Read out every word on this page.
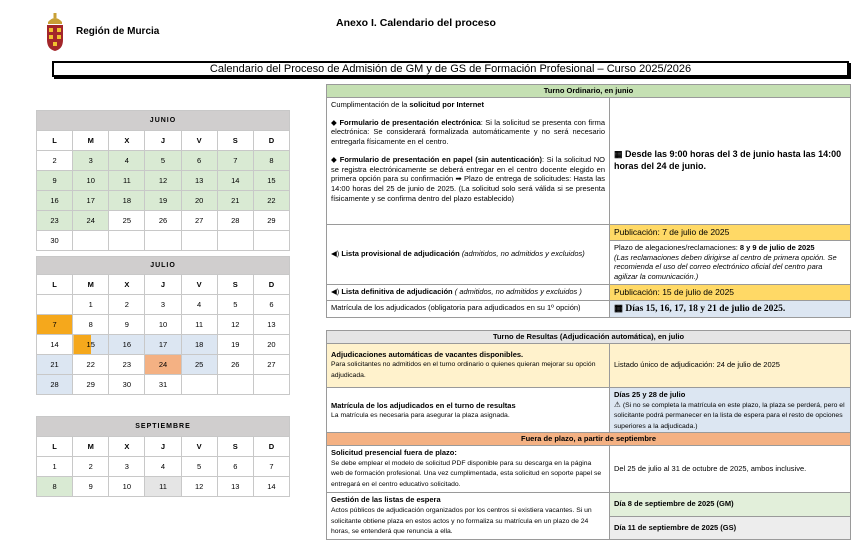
Región de Murcia
Anexo I. Calendario del proceso
Calendario del Proceso de Admisión de GM y de GS de Formación Profesional – Curso 2025/2026
JUNIO						
L	M	X	J	V	S	D
2	3	4	5	6	7	8
9	10	11	12	13	14	15
16	17	18	19	20	21	22
23	24	25	26	27	28	29
30						
JULIO						
L	M	X	J	V	S	D
	1	2	3	4	5	6
7	8	9	10	11	12	13
14	15	16	17	18	19	20
21	22	23	24	25	26	27
28	29	30	31			
SEPTIEMBRE						
L	M	X	J	V	S	D
1	2	3	4	5	6	7
8	9	10	11	12	13	14
Turno Ordinario, en junio	

Cumplimentación de la solicitud por Internet
◆ Formulario de presentación electrónica: Si la solicitud se presenta con firma electrónica: Se considerará formalizada automáticamente y no será necesario entregarla físicamente en el centro.
◆ Formulario de presentación en papel (sin autenticación): Si la solicitud NO se registra electrónicamente se deberá entregar en el centro docente elegido en primera opción para su confirmación ➡ Plazo de entrega de solicitudes: Hasta las 14:00 horas del 25 de junio de 2025. (La solicitud solo será válida si se presenta físicamente y se confirma dentro del plazo establecido)	▦ Desde las 9:00 horas del 3 de junio hasta las 14:00 horas del 24 de junio.
◀) Lista provisional de adjudicación (admitidos, no admitidos y excluidos)	Publicación: 7 de julio de 2025
	Plazo de alegaciones/reclamaciones: 8 y 9 de julio de 2025
(Las reclamaciones deben dirigirse al centro de primera opción. Se recomienda el uso del correo electrónico oficial del centro para agilizar la comunicación.)
◀) Lista definitiva de adjudicación ( admitidos, no admitidos y excluidos )	Publicación: 15 de julio de 2025
Matrícula de los adjudicados (obligatoria para adjudicados en su 1º opción)	▦ Días 15, 16, 17, 18 y 21 de julio de 2025.
Turno de Resultas (Adjudicación automática), en julio	
Adjudicaciones automáticas de vacantes disponibles.
Para solicitantes no admitidos en el turno ordinario o quienes quieran mejorar su opción adjudicada.	Listado único de adjudicación: 24 de julio de 2025
Matrícula de los adjudicados en el turno de resultas
La matrícula es necesaria para asegurar la plaza asignada.	Días 25 y 28 de julio
⚠ (Si no se completa la matrícula en este plazo, la plaza se perderá, pero el solicitante podrá permanecer en la lista de espera para el resto de opciones superiores a la adjudicada.)
Fuera de plazo, a partir de septiembre	
Solicitud presencial fuera de plazo:
Se debe emplear el modelo de solicitud PDF disponible para su descarga en la página web de formación profesional. Una vez cumplimentada, esta solicitud en soporte papel se entregará en el centro educativo solicitado.	Del 25 de julio al 31 de octubre de 2025, ambos inclusive.
Gestión de las listas de espera
Actos públicos de adjudicación organizados por los centros si existiera vacantes. Si un solicitante obtiene plaza en estos actos y no formaliza su matrícula en un plazo de 24 horas, se entenderá que renuncia a ella.	Día 8 de septiembre de 2025 (GM)
	Día 11 de septiembre de 2025 (GS)
